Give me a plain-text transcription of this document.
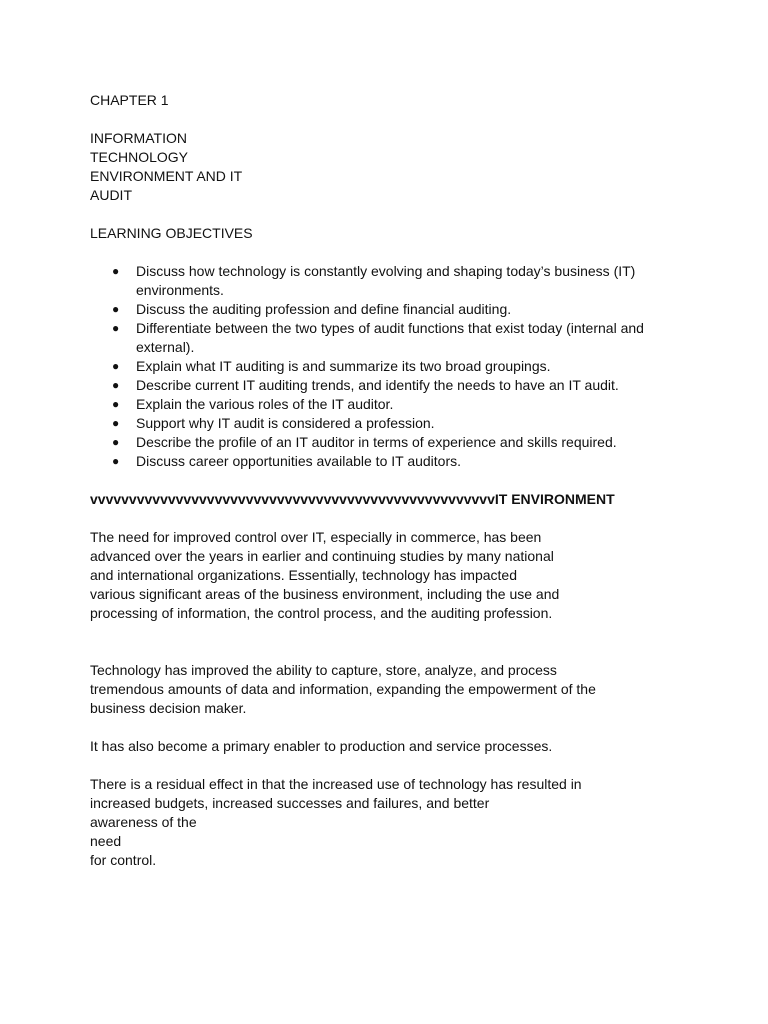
CHAPTER 1

INFORMATION

TECHNOLOGY

ENVIRONMENT AND IT

AUDIT

LEARNING OBJECTIVES

● Discuss how technology is constantly evolving and shaping today’s business (IT) environments.
● Discuss the auditing profession and define financial auditing.
● Differentiate between the two types of audit functions that exist today (internal and external).
● Explain what IT auditing is and summarize its two broad groupings.
● Describe current IT auditing trends, and identify the needs to have an IT audit.
● Explain the various roles of the IT auditor.
● Support why IT audit is considered a profession.
● Describe the profile of an IT auditor in terms of experience and skills required.
● Discuss career opportunities available to IT auditors.

vvvvvvvvvvvvvvvvvvvvvvvvvvvvvvvvvvvvvvvvvvvvvvvvvvvvIT ENVIRONMENT

The need for improved control over IT, especially in commerce, has been

advanced over the years in earlier and continuing studies by many national

and international organizations. Essentially, technology has impacted

various significant areas of the business environment, including the use and

processing of information, the control process, and the auditing profession.

Technology has improved the ability to capture, store, analyze, and process

tremendous amounts of data and information, expanding the empowerment of the

business decision maker.

It has also become a primary enabler to production and service processes.

There is a residual effect in that the increased use of technology has resulted in

increased budgets, increased successes and failures, and better

awareness of the

need

for control.
